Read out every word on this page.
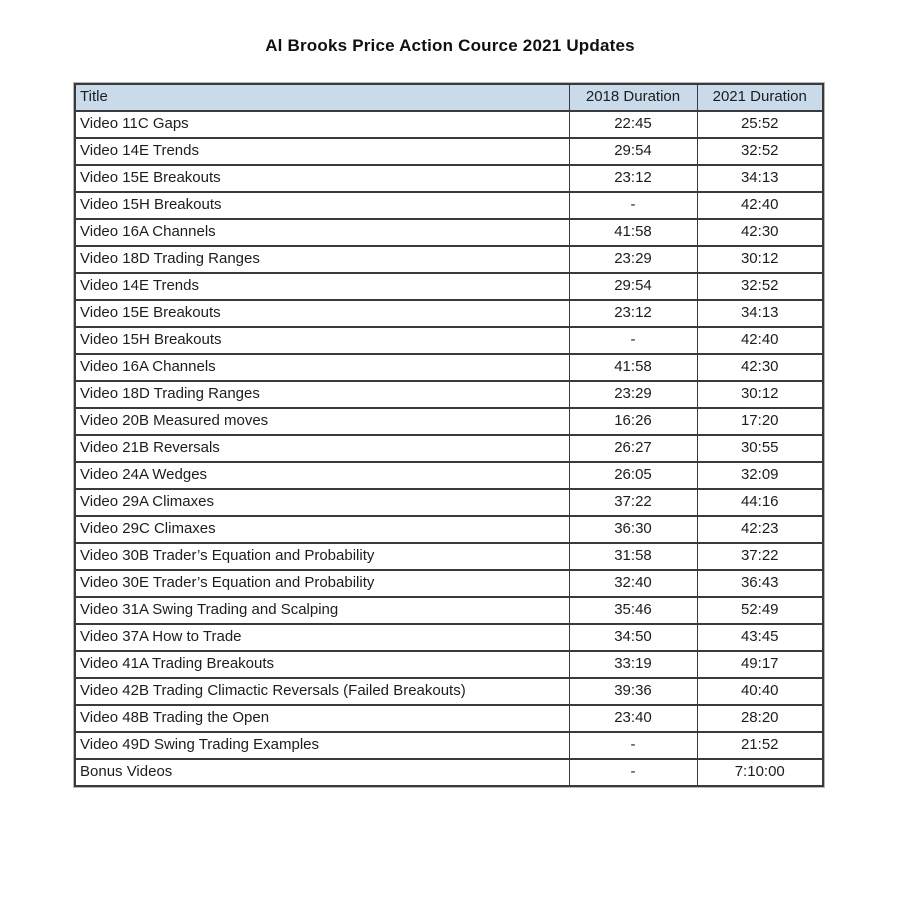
Al Brooks Price Action Cource 2021 Updates
Title	2018 Duration	2021 Duration
Video 11C Gaps	22:45	25:52
Video 14E Trends	29:54	32:52
Video 15E Breakouts	23:12	34:13
Video 15H Breakouts	-	42:40
Video 16A Channels	41:58	42:30
Video 18D Trading Ranges	23:29	30:12
Video 14E Trends	29:54	32:52
Video 15E Breakouts	23:12	34:13
Video 15H Breakouts	-	42:40
Video 16A Channels	41:58	42:30
Video 18D Trading Ranges	23:29	30:12
Video 20B Measured moves	16:26	17:20
Video 21B Reversals	26:27	30:55
Video 24A Wedges	26:05	32:09
Video 29A Climaxes	37:22	44:16
Video 29C Climaxes	36:30	42:23
Video 30B Trader’s Equation and Probability	31:58	37:22
Video 30E Trader’s Equation and Probability	32:40	36:43
Video 31A Swing Trading and Scalping	35:46	52:49
Video 37A How to Trade	34:50	43:45
Video 41A Trading Breakouts	33:19	49:17
Video 42B Trading Climactic Reversals (Failed Breakouts)	39:36	40:40
Video 48B Trading the Open	23:40	28:20
Video 49D Swing Trading Examples	-	21:52
Bonus Videos	-	7:10:00
